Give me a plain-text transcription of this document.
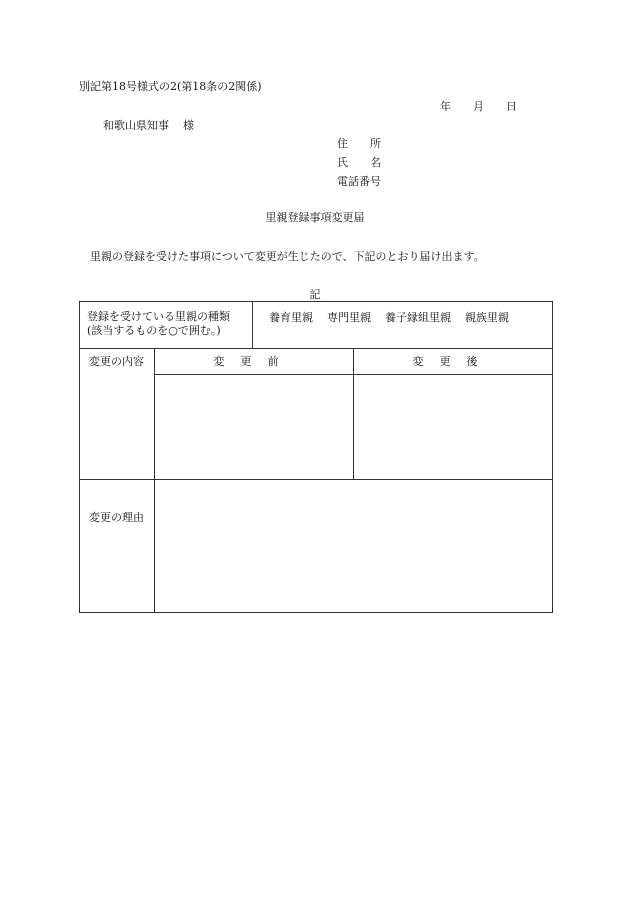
別記第18号様式の2(第18条の2関係)
年 月 日
和歌山県知事 様
住所
氏名
電話番号
里親登録事項変更届
里親の登録を受けた事項について変更が生じたので、下記のとおり届け出ます。
記
登録を受けている里親の種類
(該当するものを○で囲む。)		養育里親 専門里親 養子縁組里親 親族里親	
変更の内容	変更前		変更後

変更の理由			
